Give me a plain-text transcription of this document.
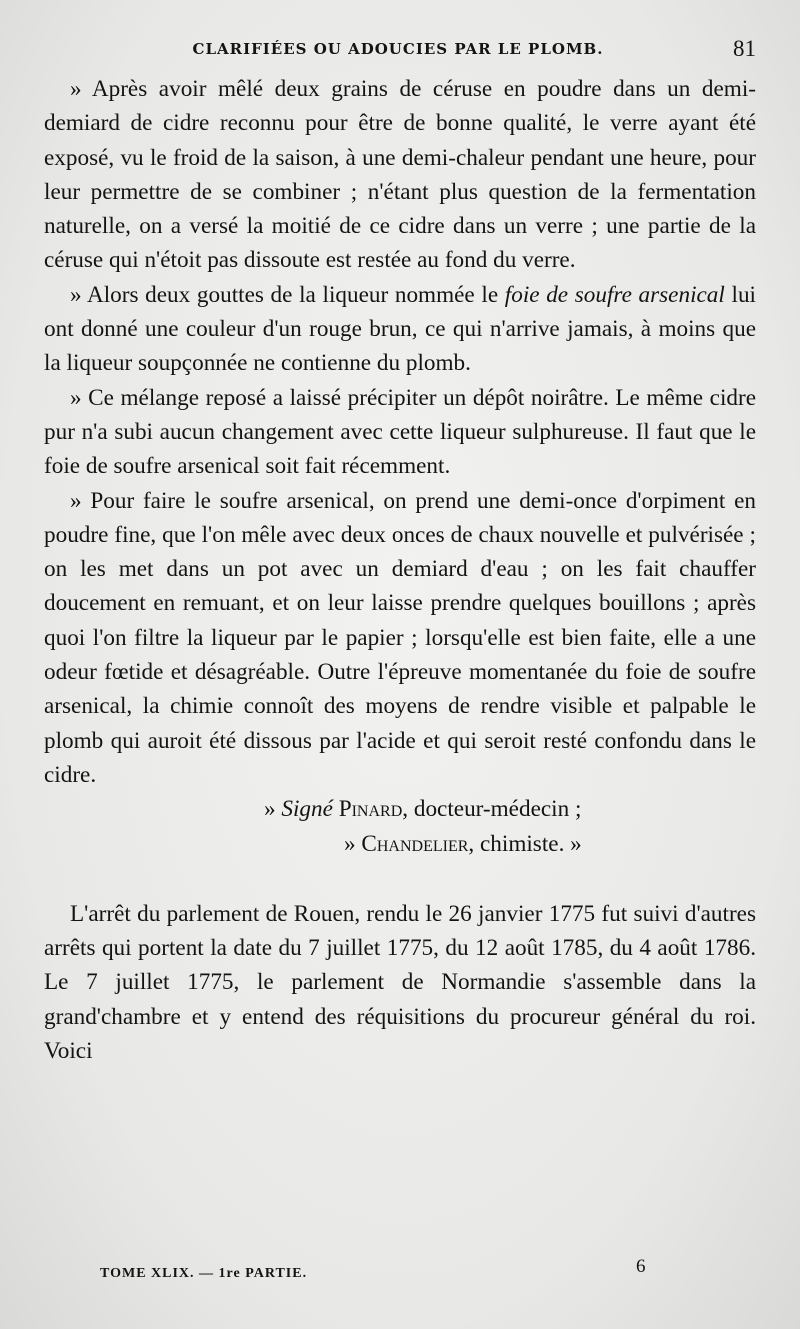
CLARIFIÉES OU ADOUCIES PAR LE PLOMB.	81

» Après avoir mêlé deux grains de céruse en poudre dans un demi-demiard de cidre reconnu pour être de bonne qualité, le verre ayant été exposé, vu le froid de la saison, à une demi-chaleur pendant une heure, pour leur permettre de se combiner ; n'étant plus question de la fermentation naturelle, on a versé la moitié de ce cidre dans un verre ; une partie de la céruse qui n'étoit pas dissoute est restée au fond du verre.

» Alors deux gouttes de la liqueur nommée le foie de soufre arsenical lui ont donné une couleur d'un rouge brun, ce qui n'arrive jamais, à moins que la liqueur soupçonnée ne contienne du plomb.

» Ce mélange reposé a laissé précipiter un dépôt noirâtre. Le même cidre pur n'a subi aucun changement avec cette liqueur sulphureuse. Il faut que le foie de soufre arsenical soit fait récemment.

» Pour faire le soufre arsenical, on prend une demi-once d'orpiment en poudre fine, que l'on mêle avec deux onces de chaux nouvelle et pulvérisée ; on les met dans un pot avec un demiard d'eau ; on les fait chauffer doucement en remuant, et on leur laisse prendre quelques bouillons ; après quoi l'on filtre la liqueur par le papier ; lorsqu'elle est bien faite, elle a une odeur fœtide et désagréable. Outre l'épreuve momentanée du foie de soufre arsenical, la chimie connoît des moyens de rendre visible et palpable le plomb qui auroit été dissous par l'acide et qui seroit resté confondu dans le cidre.

» Signé Pinard, docteur-médecin ;

» Chandelier, chimiste. »

L'arrêt du parlement de Rouen, rendu le 26 janvier 1775 fut suivi d'autres arrêts qui portent la date du 7 juillet 1775, du 12 août 1785, du 4 août 1786. Le 7 juillet 1775, le parlement de Normandie s'assemble dans la grand'chambre et y entend des réquisitions du procureur général du roi. Voici

TOME XLIX. — 1re PARTIE.	6
